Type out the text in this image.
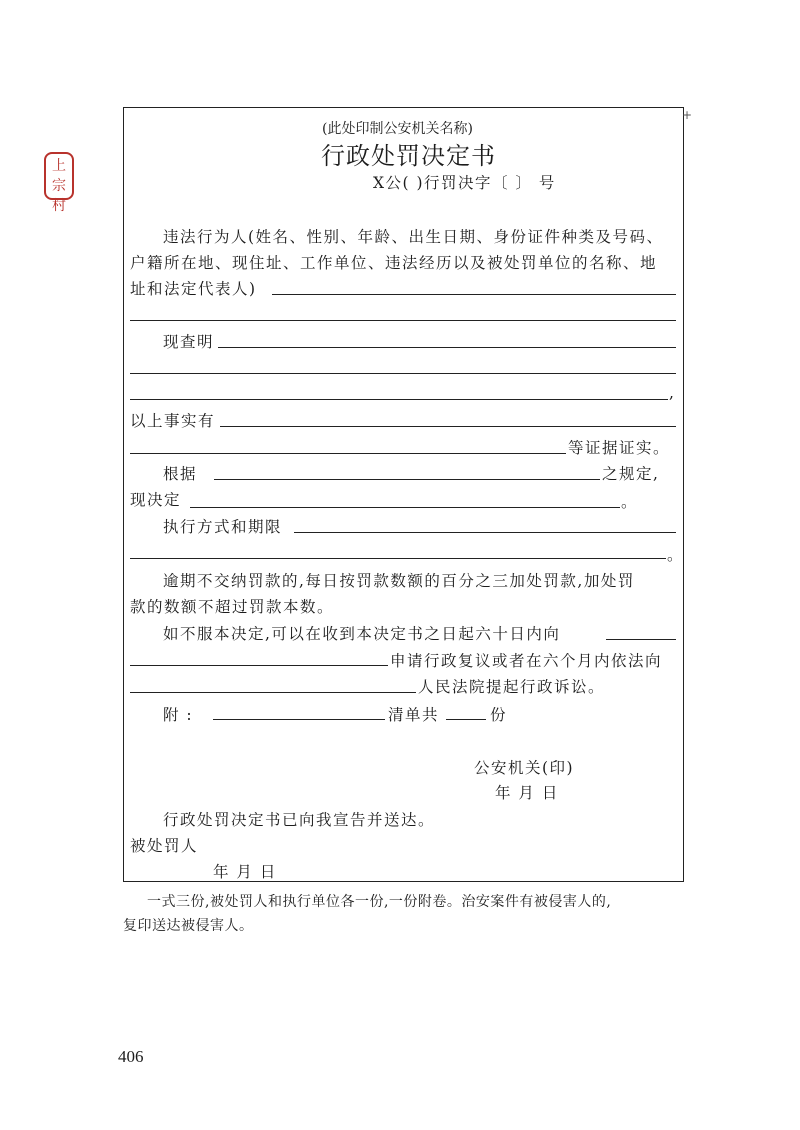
上宗村
+
(此处印制公安机关名称)
行政处罚决定书
X公( )行罚决字〔 〕 号
违法行为人(姓名、性别、年龄、出生日期、身份证件种类及号码、
户籍所在地、现住址、工作单位、违法经历以及被处罚单位的名称、地
址和法定代表人)
现查明
,
以上事实有
等证据证实。
根据	之规定,
现决定	。
执行方式和期限
。
逾期不交纳罚款的,每日按罚款数额的百分之三加处罚款,加处罚
款的数额不超过罚款本数。
如不服本决定,可以在收到本决定书之日起六十日内向
申请行政复议或者在六个月内依法向
人民法院提起行政诉讼。
附 :	清单共	份
公安机关(印)
年 月 日
行政处罚决定书已向我宣告并送达。
被处罚人
年 月 日
一式三份,被处罚人和执行单位各一份,一份附卷。治安案件有被侵害人的,
复印送达被侵害人。
406
